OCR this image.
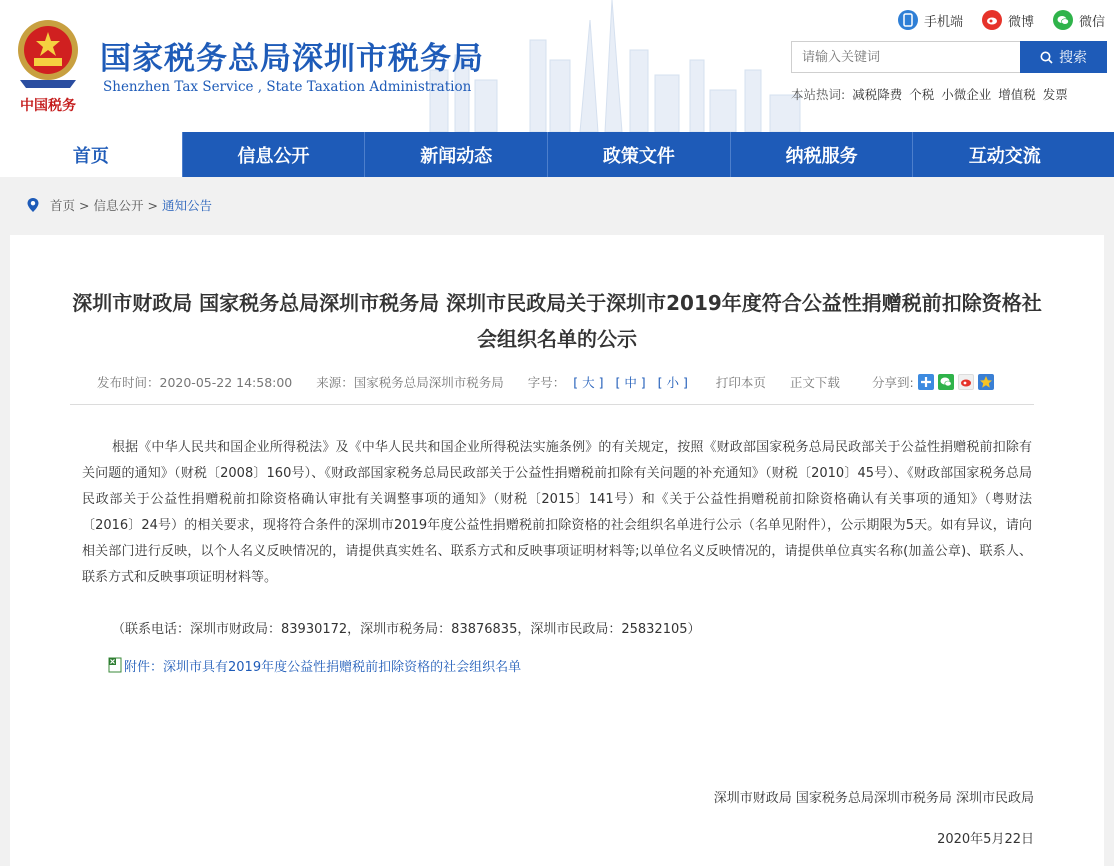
中国税务
国家税务总局深圳市税务局
Shenzhen Tax Service , State Taxation Administration
手机端	微博	微信
请输入关键词
搜索
本站热词: 减税降费 个税 小微企业 增值税 发票
首页	信息公开	新闻动态	政策文件	纳税服务	互动交流
首页 > 信息公开 > 通知公告
深圳市财政局 国家税务总局深圳市税务局 深圳市民政局关于深圳市2019年度符合公益性捐赠税前扣除资格社会组织名单的公示
发布时间：2020-05-22 14:58:00 来源：国家税务总局深圳市税务局 字号： [ 大 ] [ 中 ] [ 小 ]	打印本页 正文下载	分享到:

根据《中华人民共和国企业所得税法》及《中华人民共和国企业所得税法实施条例》的有关规定，按照《财政部国家税务总局民政部关于公益性捐赠税前扣除有关问题的通知》（财税〔2008〕160号）、《财政部国家税务总局民政部关于公益性捐赠税前扣除有关问题的补充通知》（财税〔2010〕45号）、《财政部国家税务总局民政部关于公益性捐赠税前扣除资格确认审批有关调整事项的通知》（财税〔2015〕141号）和《关于公益性捐赠税前扣除资格确认有关事项的通知》（粤财法〔2016〕24号）的相关要求，现将符合条件的深圳市2019年度公益性捐赠税前扣除资格的社会组织名单进行公示（名单见附件），公示期限为5天。如有异议，请向相关部门进行反映，以个人名义反映情况的，请提供真实姓名、联系方式和反映事项证明材料等;以单位名义反映情况的，请提供单位真实名称(加盖公章)、联系人、联系方式和反映事项证明材料等。

（联系电话：深圳市财政局：83930172，深圳市税务局：83876835，深圳市民政局：25832105）
附件：深圳市具有2019年度公益性捐赠税前扣除资格的社会组织名单
深圳市财政局 国家税务总局深圳市税务局 深圳市民政局
2020年5月22日
